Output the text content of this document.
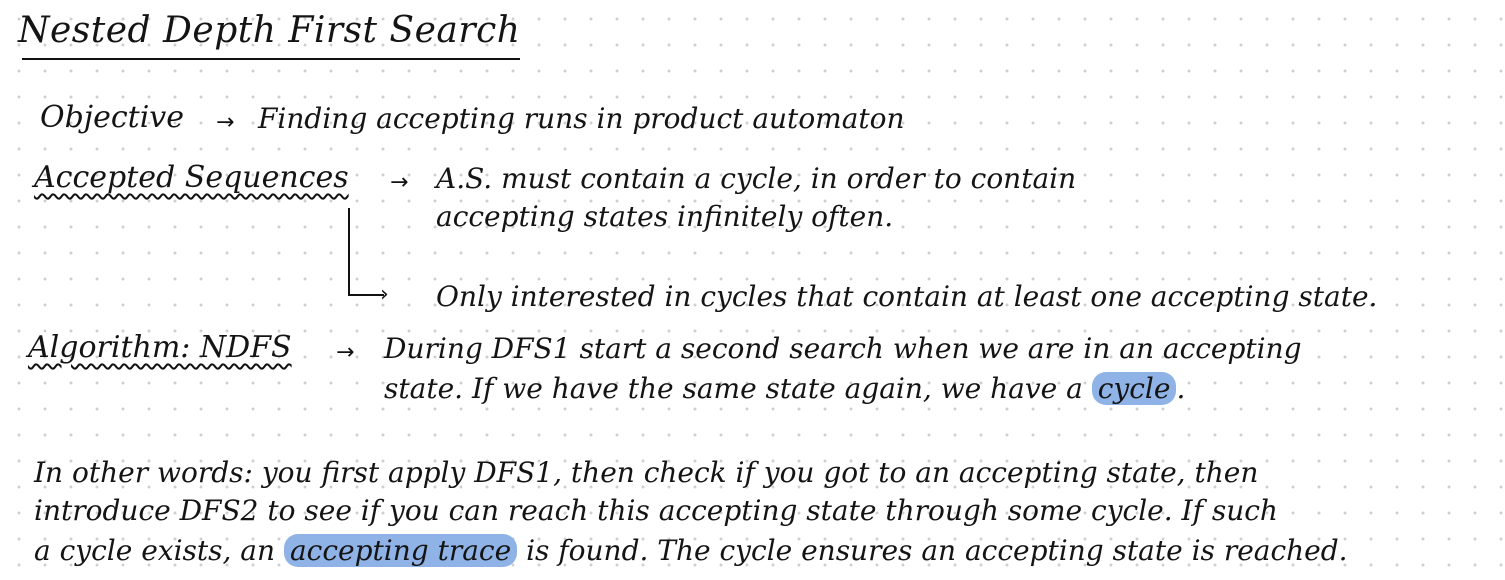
Nested Depth First Search
Objective → Finding accepting runs in product automaton
Accepted Sequences → A.S. must contain a cycle, in order to contain
accepting states infinitely often.
› Only interested in cycles that contain at least one accepting state.
Algorithm: NDFS → During DFS1 start a second search when we are in an accepting
state. If we have the same state again, we have a cycle .
In other words: you first apply DFS1, then check if you got to an accepting state, then
introduce DFS2 to see if you can reach this accepting state through some cycle. If such
a cycle exists, an accepting trace is found. The cycle ensures an accepting state is reached.
